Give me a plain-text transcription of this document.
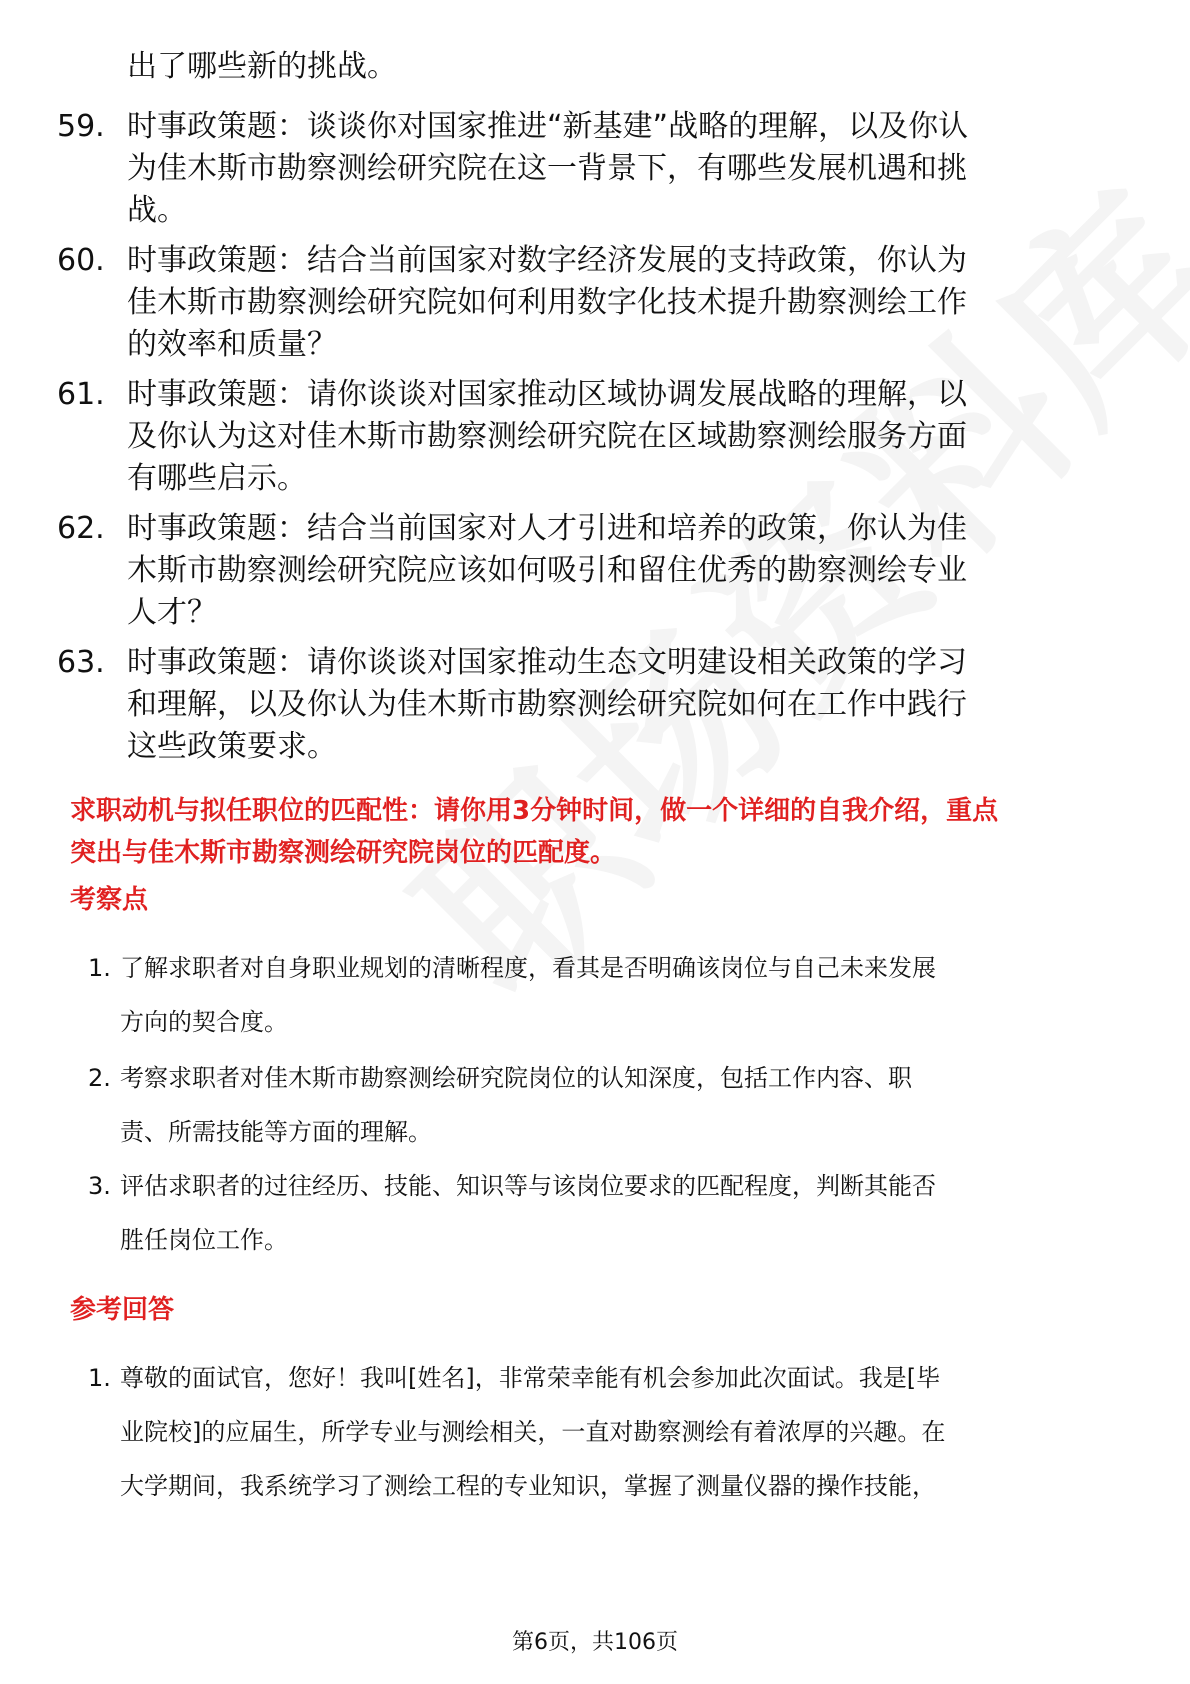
出了哪些新的挑战。
59. 时事政策题：谈谈你对国家推进“新基建”战略的理解，以及你认
为佳木斯市勘察测绘研究院在这一背景下，有哪些发展机遇和挑
战。
60. 时事政策题：结合当前国家对数字经济发展的支持政策，你认为
佳木斯市勘察测绘研究院如何利用数字化技术提升勘察测绘工作
的效率和质量？
61. 时事政策题：请你谈谈对国家推动区域协调发展战略的理解，以
及你认为这对佳木斯市勘察测绘研究院在区域勘察测绘服务方面
有哪些启示。
62. 时事政策题：结合当前国家对人才引进和培养的政策，你认为佳
木斯市勘察测绘研究院应该如何吸引和留住优秀的勘察测绘专业
人才？
63. 时事政策题：请你谈谈对国家推动生态文明建设相关政策的学习
和理解，以及你认为佳木斯市勘察测绘研究院如何在工作中践行
这些政策要求。
求职动机与拟任职位的匹配性：请你用3分钟时间，做一个详细的自我介绍，重点
突出与佳木斯市勘察测绘研究院岗位的匹配度。
考察点
1. 了解求职者对自身职业规划的清晰程度，看其是否明确该岗位与自己未来发展
方向的契合度。
2. 考察求职者对佳木斯市勘察测绘研究院岗位的认知深度，包括工作内容、职
责、所需技能等方面的理解。
3. 评估求职者的过往经历、技能、知识等与该岗位要求的匹配程度，判断其能否
胜任岗位工作。
参考回答
1. 尊敬的面试官，您好！我叫[姓名]，非常荣幸能有机会参加此次面试。我是[毕
业院校]的应届生，所学专业与测绘相关，一直对勘察测绘有着浓厚的兴趣。在
大学期间，我系统学习了测绘工程的专业知识，掌握了测量仪器的操作技能，
第6页，共106页
